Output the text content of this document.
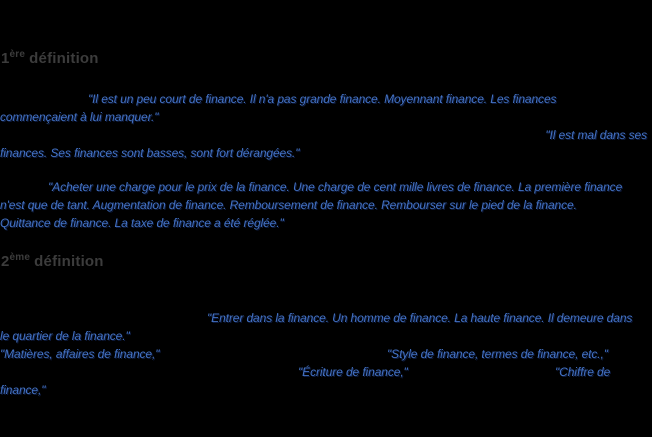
1ère définition

"Il est un peu court de finance. Il n'a pas grande finance. Moyennant finance. Les finances

commençaient à lui manquer."

"Il est mal dans ses

finances. Ses finances sont basses, sont fort dérangées."

"Acheter une charge pour le prix de la finance. Une charge de cent mille livres de finance. La première finance

n'est que de tant. Augmentation de finance. Remboursement de finance. Rembourser sur le pied de la finance.

Quittance de finance. La taxe de finance a été réglée."

2ème définition

"Entrer dans la finance. Un homme de finance. La haute finance. Il demeure dans

le quartier de la finance."

"Matières, affaires de finance,"	"Style de finance, termes de finance, etc.,"

"Écriture de finance,"	"Chiffre de

finance,"
